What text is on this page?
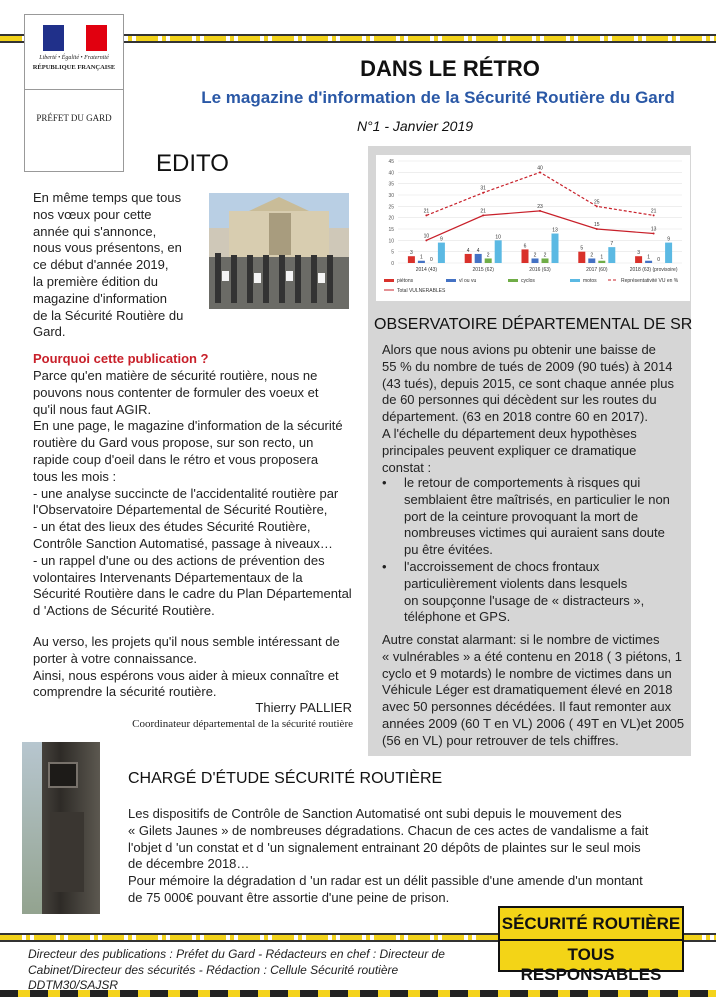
Liberté • Égalité • Fraternité
RÉPUBLIQUE FRANÇAISE
PRÉFET DU GARD
DANS LE RÉTRO
Le magazine d'information de la Sécurité Routière du Gard
N°1 - Janvier 2019
EDITO
En même temps que tous
nos vœux pour cette
année qui s'annonce,
nous vous présentons, en
ce début d'année 2019,
la première édition du
magazine d'information
de la Sécurité Routière du
Gard.
Pourquoi cette publication ?
Parce qu'en matière de sécurité routière, nous ne
pouvons nous contenter de formuler des voeux et
qu'il nous faut AGIR.
En une page, le magazine d'information de la sécurité
routière du Gard vous propose, sur son recto, un
rapide coup d'oeil dans le rétro et vous proposera
tous les mois :
- une analyse succincte de l'accidentalité routière par
l'Observatoire Départemental de Sécurité Routière,
- un état des lieux des études Sécurité Routière,
Contrôle Sanction Automatisé, passage à niveaux…
- un rappel d'une ou des actions de prévention des
volontaires Intervenants Départementaux de la
Sécurité Routière dans le cadre du Plan Départemental
d 'Actions de Sécurité Routière.
Au verso, les projets qu'il nous semble intéressant de
porter à votre connaissance.
Ainsi, nous espérons vous aider à mieux connaître et
comprendre la sécurité routière.
Thierry PALLIER
Coordinateur départemental de la sécurité routière
0
5
10
15
20
25
30
35
40
45
3
1 0
9
2014 (43)
4 4
2
10
2015 (62)
6
2 2
13
2016 (63)
5
2 1
7
2017 (60)
3
1 0
9
2018 (63) (provisoire)
21
31
40
25
21
10
21
23
15
13
piétons	vl ou vu	cyclos	motos
Total VULNERABLES
Représentativité VU en %
OBSERVATOIRE DÉPARTEMENTAL DE SR
Alors que nous avions pu obtenir une baisse de
55 % du nombre de tués de 2009 (90 tués) à 2014
(43 tués), depuis 2015, ce sont chaque année plus
de 60 personnes qui décèdent sur les routes du
département. (63 en 2018 contre 60 en 2017).
A l'échelle du département deux hypothèses
principales peuvent expliquer ce dramatique
constat :
• le retour de comportements à risques qui
semblaient être maîtrisés, en particulier le non
port de la ceinture provoquant la mort de
nombreuses victimes qui auraient sans doute
pu être évitées.
• l'accroissement de chocs frontaux
particulièrement violents dans lesquels
on soupçonne l'usage de « distracteurs »,
téléphone et GPS.
Autre constat alarmant: si le nombre de victimes
« vulnérables » a été contenu en 2018 ( 3 piétons, 1
cyclo et 9 motards) le nombre de victimes dans un
Véhicule Léger est dramatiquement élevé en 2018
avec 50 personnes décédées. Il faut remonter aux
années 2009 (60 T en VL) 2006 ( 49T en VL)et 2005
(56 en VL) pour retrouver de tels chiffres.
CHARGÉ D'ÉTUDE SÉCURITÉ ROUTIÈRE
Les dispositifs de Contrôle de Sanction Automatisé ont subi depuis le mouvement des
« Gilets Jaunes » de nombreuses dégradations. Chacun de ces actes de vandalisme a fait
l'objet d 'un constat et d 'un signalement entrainant 20 dépôts de plaintes sur le seul mois
de décembre 2018…
Pour mémoire la dégradation d 'un radar est un délit passible d'une amende d'un montant
de 75 000€ pouvant être assortie d'une peine de prison.
SÉCURITÉ ROUTIÈRE
TOUS RESPONSABLES
Directeur des publications : Préfet du Gard - Rédacteurs en chef : Directeur de
Cabinet/Directeur des sécurités - Rédaction : Cellule Sécurité routière DDTM30/SAJSR
